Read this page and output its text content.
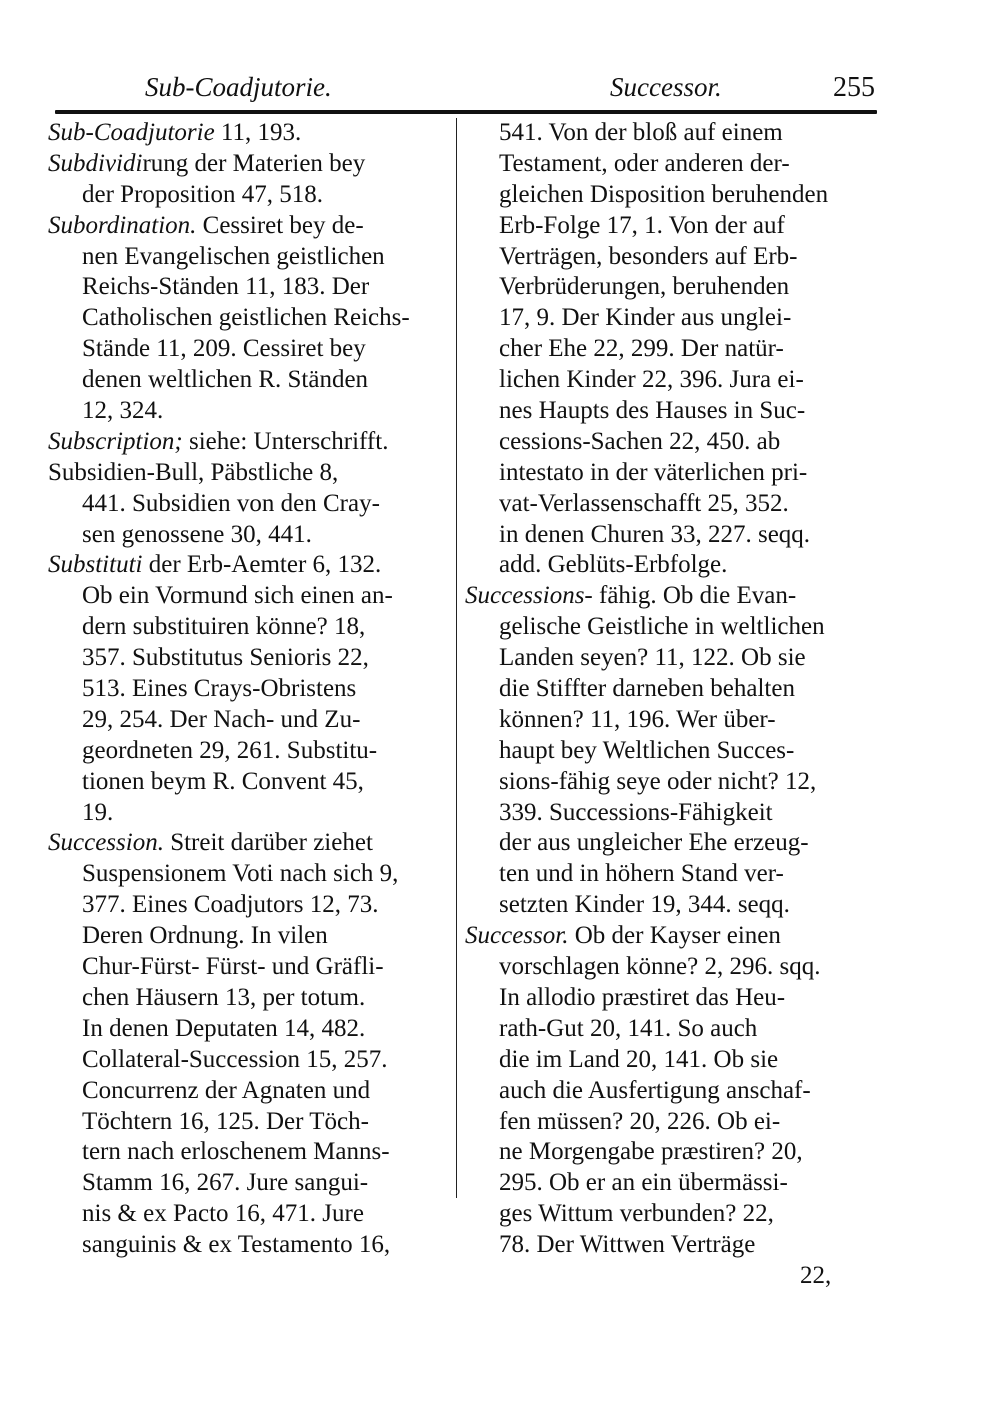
Sub-Coadjutorie.	Successor.	255
Sub-Coadjutorie 11, 193.
Subdividirung der Materien bey
der Proposition 47, 518.
Subordination. Cessiret bey de-
nen Evangelischen geistlichen
Reichs-Ständen 11, 183. Der
Catholischen geistlichen Reichs-
Stände 11, 209. Cessiret bey
denen weltlichen R. Ständen
12, 324.
Subscription; siehe: Unterschrifft.
Subsidien-Bull, Päbstliche 8,
441. Subsidien von den Cray-
sen genossene 30, 441.
Substituti der Erb-Aemter 6, 132.
Ob ein Vormund sich einen an-
dern substituiren könne? 18,
357. Substitutus Senioris 22,
513. Eines Crays-Obristens
29, 254. Der Nach- und Zu-
geordneten 29, 261. Substitu-
tionen beym R. Convent 45,
19.
Succession. Streit darüber ziehet
Suspensionem Voti nach sich 9,
377. Eines Coadjutors 12, 73.
Deren Ordnung. In vilen
Chur-Fürst- Fürst- und Gräfli-
chen Häusern 13, per totum.
In denen Deputaten 14, 482.
Collateral-Succession 15, 257.
Concurrenz der Agnaten und
Töchtern 16, 125. Der Töch-
tern nach erloschenem Manns-
Stamm 16, 267. Jure sangui-
nis & ex Pacto 16, 471. Jure
sanguinis & ex Testamento 16,
541. Von der bloß auf einem
Testament, oder anderen der-
gleichen Disposition beruhenden
Erb-Folge 17, 1. Von der auf
Verträgen, besonders auf Erb-
Verbrüderungen, beruhenden
17, 9. Der Kinder aus unglei-
cher Ehe 22, 299. Der natür-
lichen Kinder 22, 396. Jura ei-
nes Haupts des Hauses in Suc-
cessions-Sachen 22, 450. ab
intestato in der väterlichen pri-
vat-Verlassenschafft 25, 352.
in denen Churen 33, 227. seqq.
add. Geblüts-Erbfolge.
Successions- fähig. Ob die Evan-
gelische Geistliche in weltlichen
Landen seyen? 11, 122. Ob sie
die Stiffter darneben behalten
können? 11, 196. Wer über-
haupt bey Weltlichen Succes-
sions-fähig seye oder nicht? 12,
339. Successions-Fähigkeit
der aus ungleicher Ehe erzeug-
ten und in höhern Stand ver-
setzten Kinder 19, 344. seqq.
Successor. Ob der Kayser einen
vorschlagen könne? 2, 296. sqq.
In allodio præstiret das Heu-
rath-Gut 20, 141. So auch
die im Land 20, 141. Ob sie
auch die Ausfertigung anschaf-
fen müssen? 20, 226. Ob ei-
ne Morgengabe præstiren? 20,
295. Ob er an ein übermässi-
ges Wittum verbunden? 22,
78. Der Wittwen Verträge
22,
